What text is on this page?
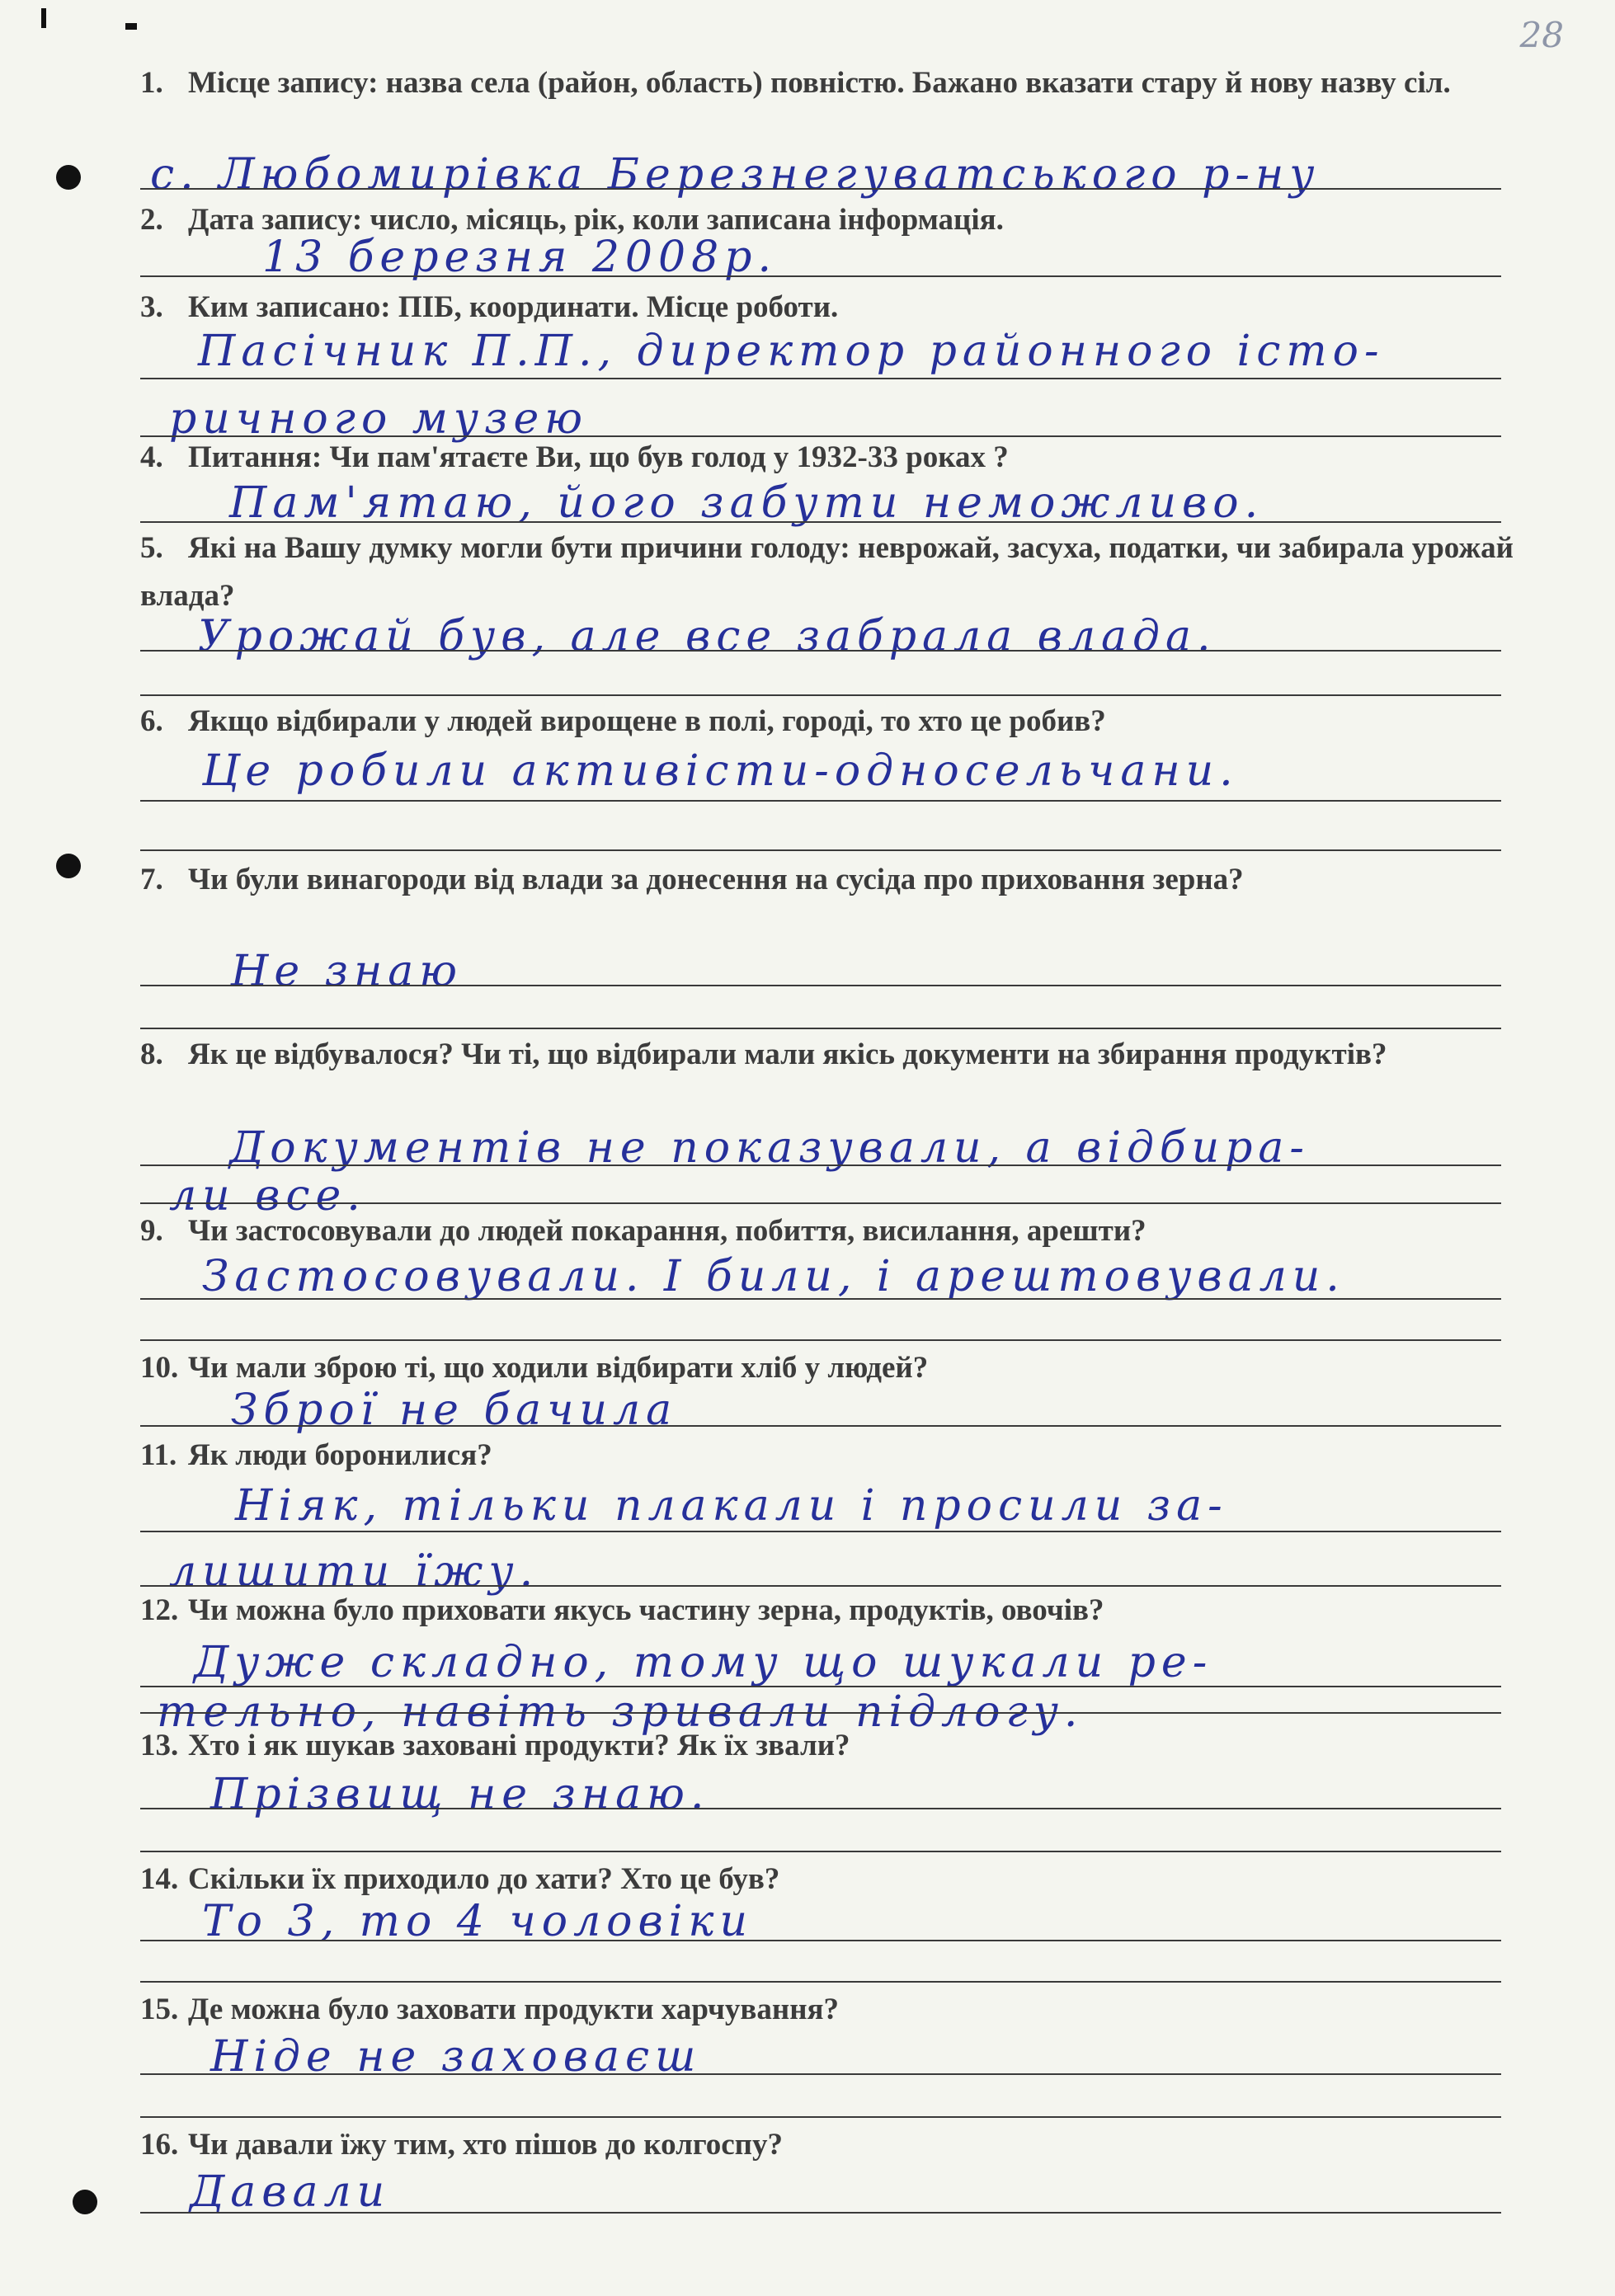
28

1. Місце запису: назва села (район, область) повністю. Бажано вказати стару й нову назву сіл.

с. Любомирівка Березнегуватського р-ну

2. Дата запису: число, місяць, рік, коли записана інформація.

13 березня 2008р.

3. Ким записано: ПІБ, координати. Місце роботи.

Пасічник П.П., директор районного істо-
ричного музею

4. Питання: Чи пам'ятаєте Ви, що був голод у 1932-33 роках ?

Пам'ятаю, його забути неможливо.

5. Які на Вашу думку могли бути причини голоду: неврожай, засуха, податки, чи забирала урожай влада?

Урожай був, але все забрала влада.

6. Якщо відбирали у людей вирощене в полі, городі, то хто це робив?

Це робили активісти-односельчани.

7. Чи були винагороди від влади за донесення на сусіда про приховання зерна?

Не знаю

8. Як це відбувалося? Чи ті, що відбирали мали якісь документи на збирання продуктів?

Документів не показували, а відбира-
ли все.

9. Чи застосовували до людей покарання, побиття, висилання, арешти?

Застосовували. І били, і арештовували.

10. Чи мали зброю ті, що ходили відбирати хліб у людей?

Зброї не бачила

11. Як люди боронилися?

Ніяк, тільки плакали і просили за-
лишити їжу.

12. Чи можна було приховати якусь частину зерна, продуктів, овочів?

Дуже складно, тому що шукали ре-
тельно, навіть зривали підлогу.

13. Хто і як шукав заховані продукти? Як їх звали?

Прізвищ не знаю.

14. Скільки їх приходило до хати? Хто це був?

То 3, то 4 чоловіки

15. Де можна було заховати продукти харчування?

Ніде не заховаєш

16. Чи давали їжу тим, хто пішов до колгоспу?

Давали
